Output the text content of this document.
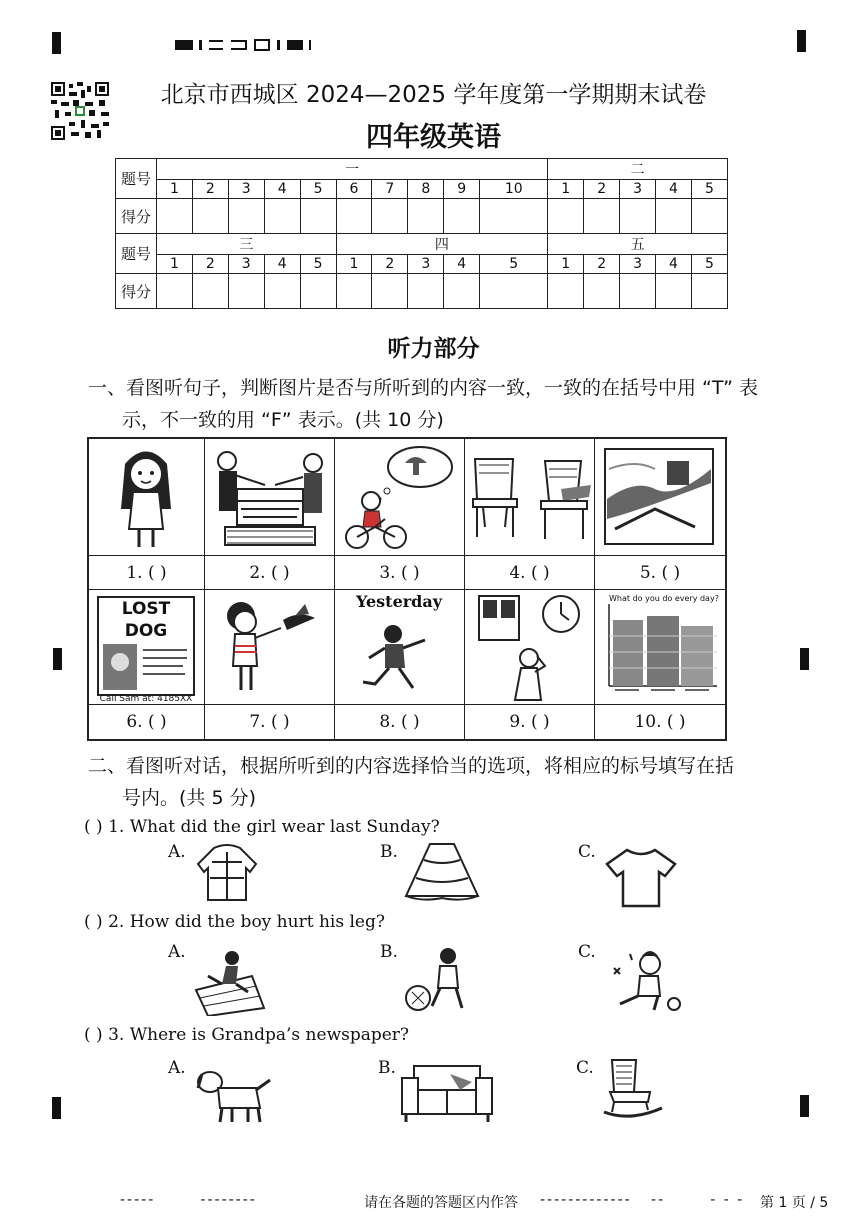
北京市西城区 2024—2025 学年度第一学期期末试卷
四年级英语
题号	一										二				
	1	2	3	4	5	6	7	8	9	10	1	2	3	4	5
得分															
题号	三					四					五				
	1	2	3	4	5	1	2	3	4	5	1	2	3	4	5
得分															
听力部分
一、看图听句子，判断图片是否与所听到的内容一致，一致的在括号中用 “T” 表
示，不一致的用 “F” 表示。(共 10 分)
1. ( )	2. ( )	3. ( )	4. ( )	5. ( )
LOST DOG
Call Sam at: 4185XX
Yesterday	What do you do every day?
6. ( )	7. ( )	8. ( )	9. ( )	10. ( )
二、看图听对话，根据所听到的内容选择恰当的选项，将相应的标号填写在括
号内。(共 5 分)
( ) 1. What did the girl wear last Sunday?
A.	B.	C.
( ) 2. How did the boy hurt his leg?
A.	B.	C.
( ) 3. Where is Grandpa’s newspaper?
A.	B.	C.
-----       --------	请在各题的答题区内作答 -------------   --       - - - 第 1 页 / 5
